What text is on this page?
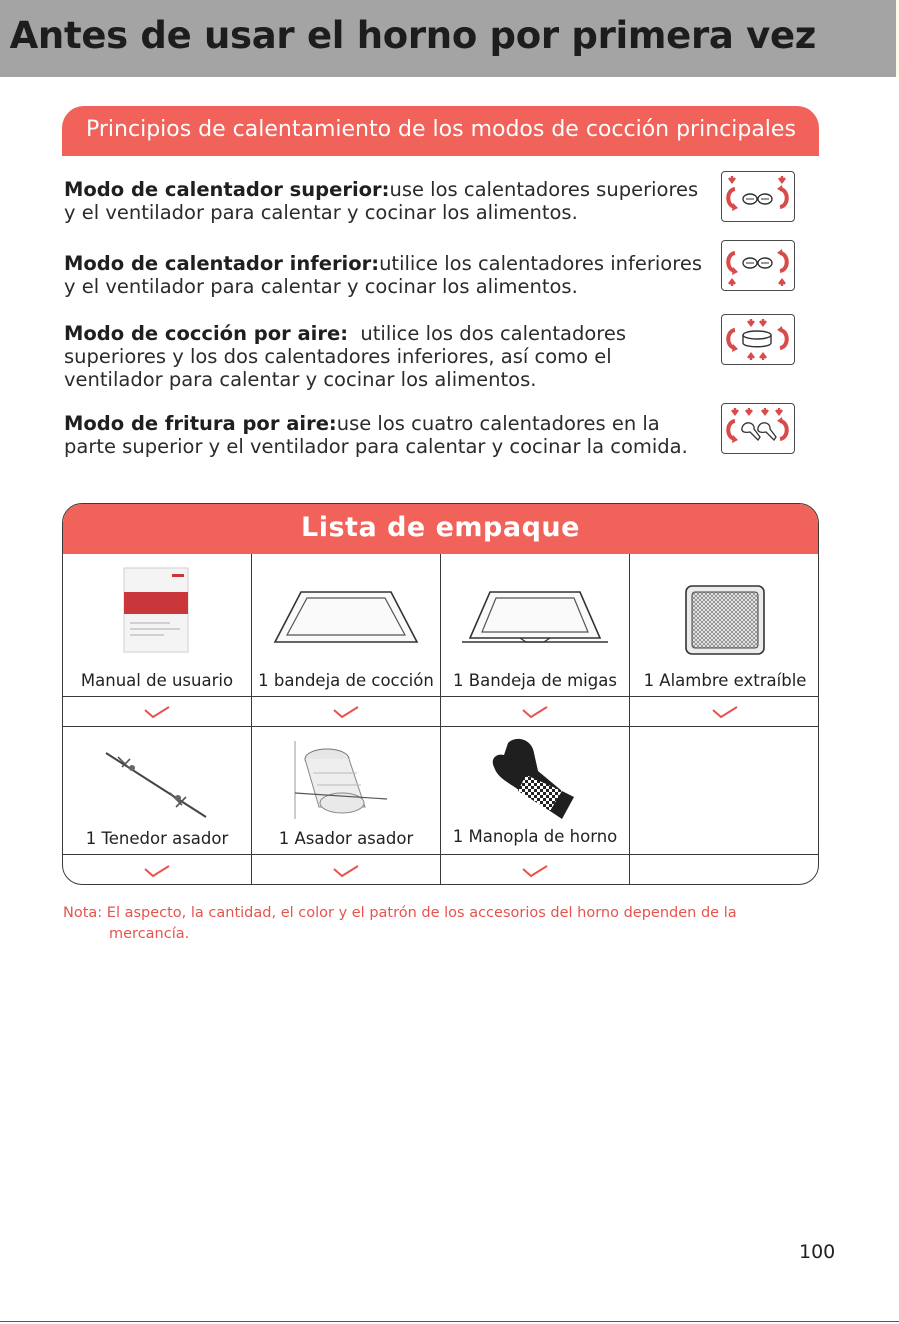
Antes de usar el horno por primera vez
Principios de calentamiento de los modos de cocción principales
Modo de calentador superior:use los calentadores superiores
y el ventilador para calentar y cocinar los alimentos.
Modo de calentador inferior:utilice los calentadores inferiores
y el ventilador para calentar y cocinar los alimentos.
Modo de cocción por aire:  utilice los dos calentadores
superiores y los dos calentadores inferiores, así como el
ventilador para calentar y cocinar los alimentos.
Modo de fritura por aire:use los cuatro calentadores en la
parte superior y el ventilador para calentar y cocinar la comida.
Lista de empaque
Manual de usuario	1 bandeja de cocción	1 Bandeja de migas	1 Alambre extraíble
1 Tenedor asador	1 Asador asador	1 Manopla de horno
Nota: El aspecto, la cantidad, el color y el patrón de los accesorios del horno dependen de la
mercancía.
100
